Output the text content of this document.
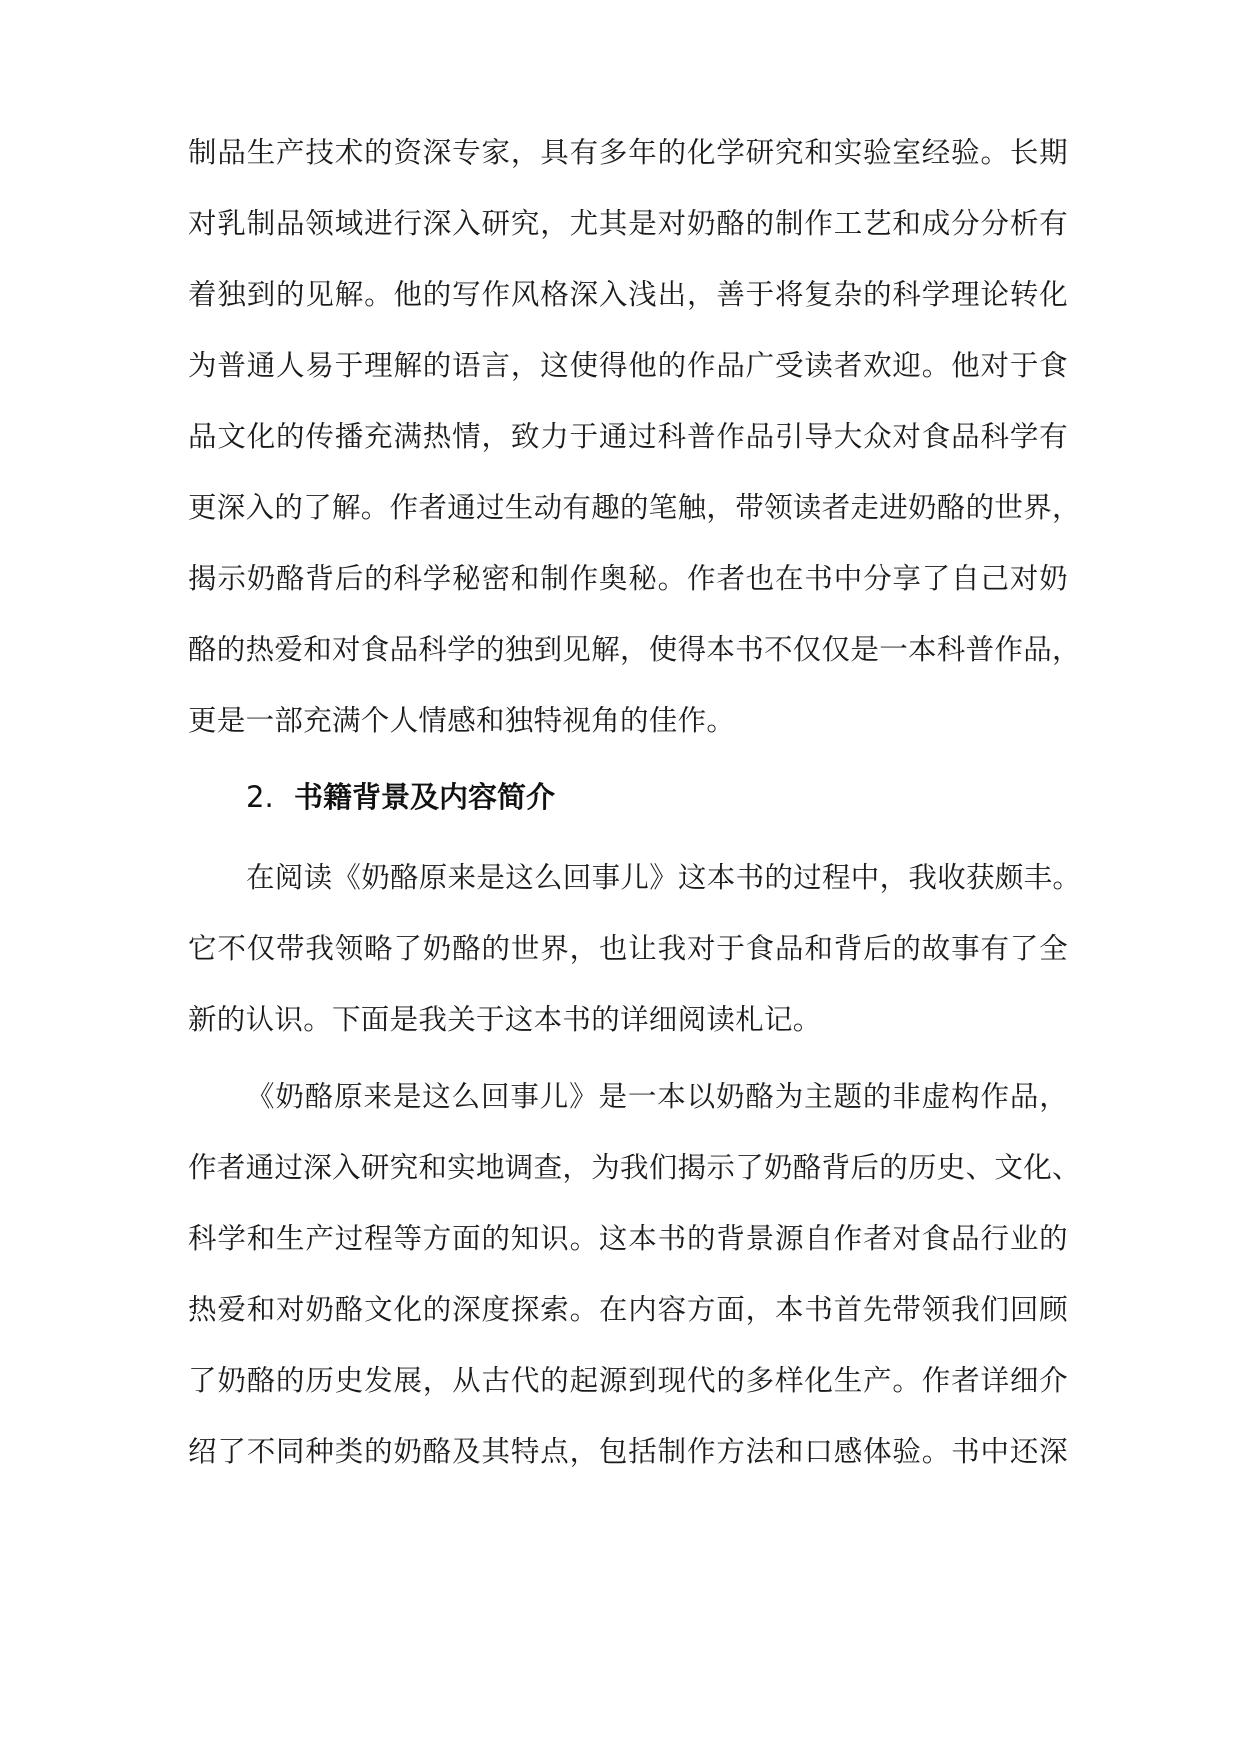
制品生产技术的资深专家，具有多年的化学研究和实验室经验。长期
对乳制品领域进行深入研究，尤其是对奶酪的制作工艺和成分分析有
着独到的见解。他的写作风格深入浅出，善于将复杂的科学理论转化
为普通人易于理解的语言，这使得他的作品广受读者欢迎。他对于食
品文化的传播充满热情，致力于通过科普作品引导大众对食品科学有
更深入的了解。作者通过生动有趣的笔触，带领读者走进奶酪的世界，
揭示奶酪背后的科学秘密和制作奥秘。作者也在书中分享了自己对奶
酪的热爱和对食品科学的独到见解，使得本书不仅仅是一本科普作品，
更是一部充满个人情感和独特视角的佳作。
2. 书籍背景及内容简介
在阅读《奶酪原来是这么回事儿》这本书的过程中，我收获颇丰。
它不仅带我领略了奶酪的世界，也让我对于食品和背后的故事有了全
新的认识。下面是我关于这本书的详细阅读札记。
《奶酪原来是这么回事儿》是一本以奶酪为主题的非虚构作品，
作者通过深入研究和实地调查，为我们揭示了奶酪背后的历史、文化、
科学和生产过程等方面的知识。这本书的背景源自作者对食品行业的
热爱和对奶酪文化的深度探索。在内容方面，本书首先带领我们回顾
了奶酪的历史发展，从古代的起源到现代的多样化生产。作者详细介
绍了不同种类的奶酪及其特点，包括制作方法和口感体验。书中还深
